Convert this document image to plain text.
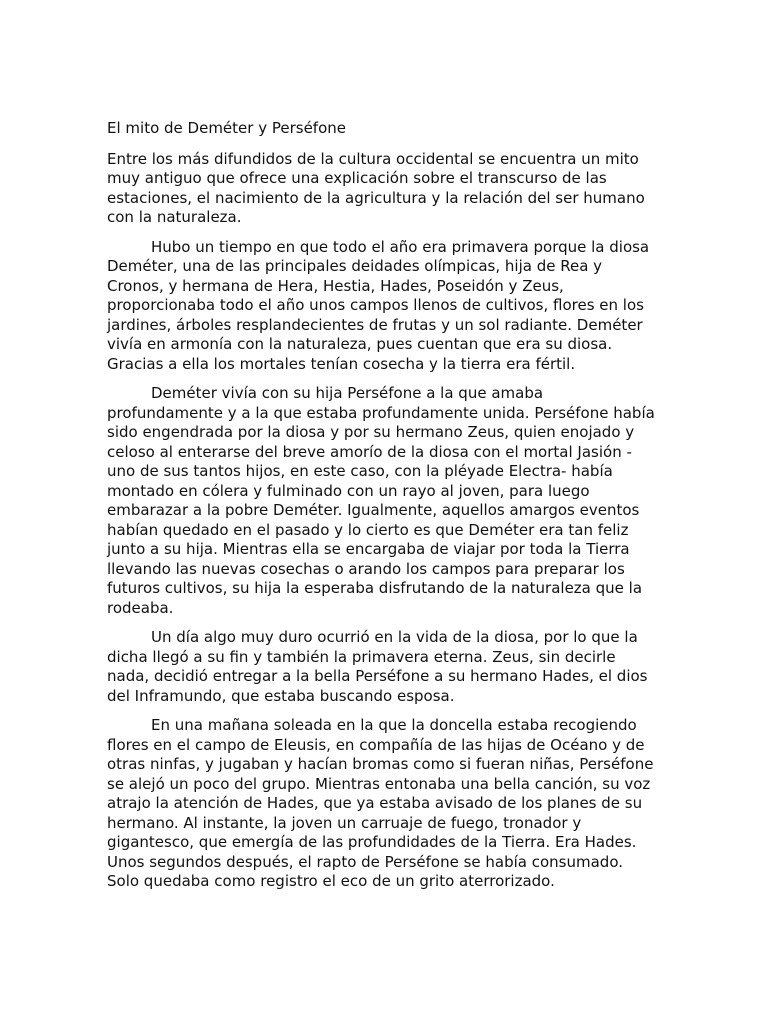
El mito de Deméter y Perséfone

Entre los más difundidos de la cultura occidental se encuentra un mito muy antiguo que ofrece una explicación sobre el transcurso de las estaciones, el nacimiento de la agricultura y la relación del ser humano con la naturaleza.

Hubo un tiempo en que todo el año era primavera porque la diosa Deméter, una de las principales deidades olímpicas, hija de Rea y Cronos, y hermana de Hera, Hestia, Hades, Poseidón y Zeus, proporcionaba todo el año unos campos llenos de cultivos, flores en los jardines, árboles resplandecientes de frutas y un sol radiante. Deméter vivía en armonía con la naturaleza, pues cuentan que era su diosa. Gracias a ella los mortales tenían cosecha y la tierra era fértil.

Deméter vivía con su hija Perséfone a la que amaba profundamente y a la que estaba profundamente unida. Perséfone había sido engendrada por la diosa y por su hermano Zeus, quien enojado y celoso al enterarse del breve amorío de la diosa con el mortal Jasión -uno de sus tantos hijos, en este caso, con la pléyade Electra- había montado en cólera y fulminado con un rayo al joven, para luego embarazar a la pobre Deméter. Igualmente, aquellos amargos eventos habían quedado en el pasado y lo cierto es que Deméter era tan feliz junto a su hija. Mientras ella se encargaba de viajar por toda la Tierra llevando las nuevas cosechas o arando los campos para preparar los futuros cultivos, su hija la esperaba disfrutando de la naturaleza que la rodeaba.

Un día algo muy duro ocurrió en la vida de la diosa, por lo que la dicha llegó a su fin y también la primavera eterna. Zeus, sin decirle nada, decidió entregar a la bella Perséfone a su hermano Hades, el dios del Inframundo, que estaba buscando esposa.

En una mañana soleada en la que la doncella estaba recogiendo flores en el campo de Eleusis, en compañía de las hijas de Océano y de otras ninfas, y jugaban y hacían bromas como si fueran niñas, Perséfone se alejó un poco del grupo. Mientras entonaba una bella canción, su voz atrajo la atención de Hades, que ya estaba avisado de los planes de su hermano. Al instante, la joven un carruaje de fuego, tronador y gigantesco, que emergía de las profundidades de la Tierra. Era Hades. Unos segundos después, el rapto de Perséfone se había consumado. Solo quedaba como registro el eco de un grito aterrorizado.
